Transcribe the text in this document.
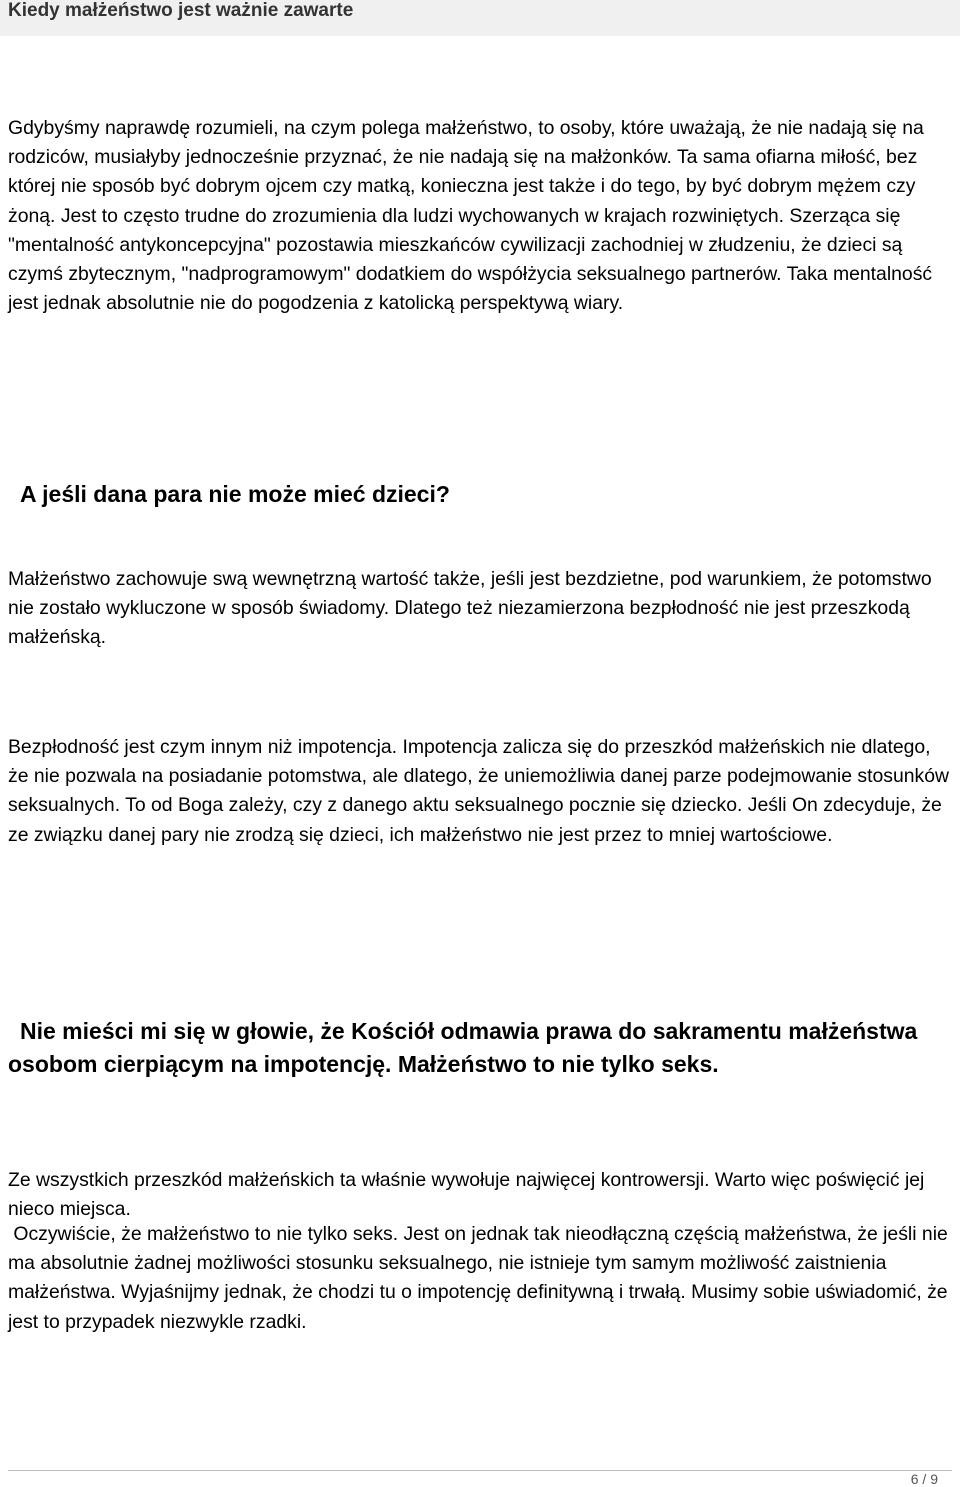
Kiedy małżeństwo jest ważnie zawarte

Gdybyśmy naprawdę rozumieli, na czym polega małżeństwo, to osoby, które uważają, że nie nadają się na rodziców, musiałyby jednocześnie przyznać, że nie nadają się na małżonków. Ta sama ofiarna miłość, bez której nie sposób być dobrym ojcem czy matką, konieczna jest także i do tego, by być dobrym mężem czy żoną. Jest to często trudne do zrozumienia dla ludzi wychowanych w krajach rozwiniętych. Szerząca się "mentalność antykoncepcyjna" pozostawia mieszkańców cywilizacji zachodniej w złudzeniu, że dzieci są czymś zbytecznym, "nadprogramowym" dodatkiem do współżycia seksualnego partnerów. Taka mentalność jest jednak absolutnie nie do pogodzenia z katolicką perspektywą wiary.

A jeśli dana para nie może mieć dzieci?

Małżeństwo zachowuje swą wewnętrzną wartość także, jeśli jest bezdzietne, pod warunkiem, że potomstwo nie zostało wykluczone w sposób świadomy. Dlatego też niezamierzona bezpłodność nie jest przeszkodą małżeńską.

Bezpłodność jest czym innym niż impotencja. Impotencja zalicza się do przeszkód małżeńskich nie dlatego, że nie pozwala na posiadanie potomstwa, ale dlatego, że uniemożliwia danej parze podejmowanie stosunków seksualnych. To od Boga zależy, czy z danego aktu seksualnego pocznie się dziecko. Jeśli On zdecyduje, że ze związku danej pary nie zrodzą się dzieci, ich małżeństwo nie jest przez to mniej wartościowe.

Nie mieści mi się w głowie, że Kościół odmawia prawa do sakramentu małżeństwa osobom cierpiącym na impotencję. Małżeństwo to nie tylko seks.

Ze wszystkich przeszkód małżeńskich ta właśnie wywołuje najwięcej kontrowersji. Warto więc poświęcić jej nieco miejsca.

Oczywiście, że małżeństwo to nie tylko seks. Jest on jednak tak nieodłączną częścią małżeństwa, że jeśli nie ma absolutnie żadnej możliwości stosunku seksualnego, nie istnieje tym samym możliwość zaistnienia małżeństwa. Wyjaśnijmy jednak, że chodzi tu o impotencję definitywną i trwałą. Musimy sobie uświadomić, że jest to przypadek niezwykle rzadki.

6 / 9
